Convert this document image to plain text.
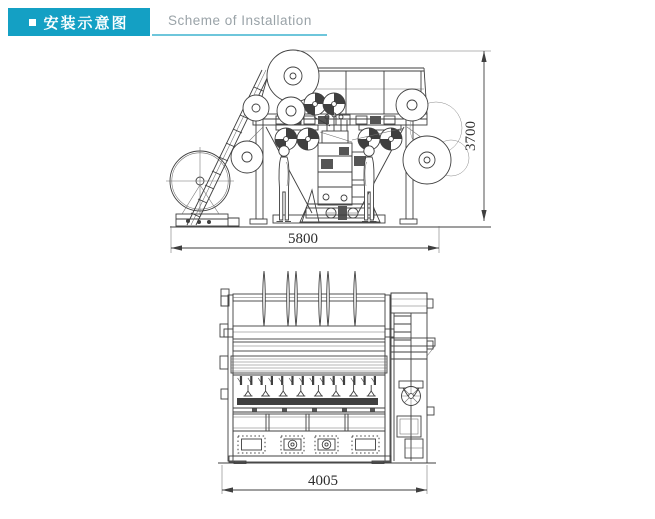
安装示意图	Scheme of Installation
5800
3700
4005
